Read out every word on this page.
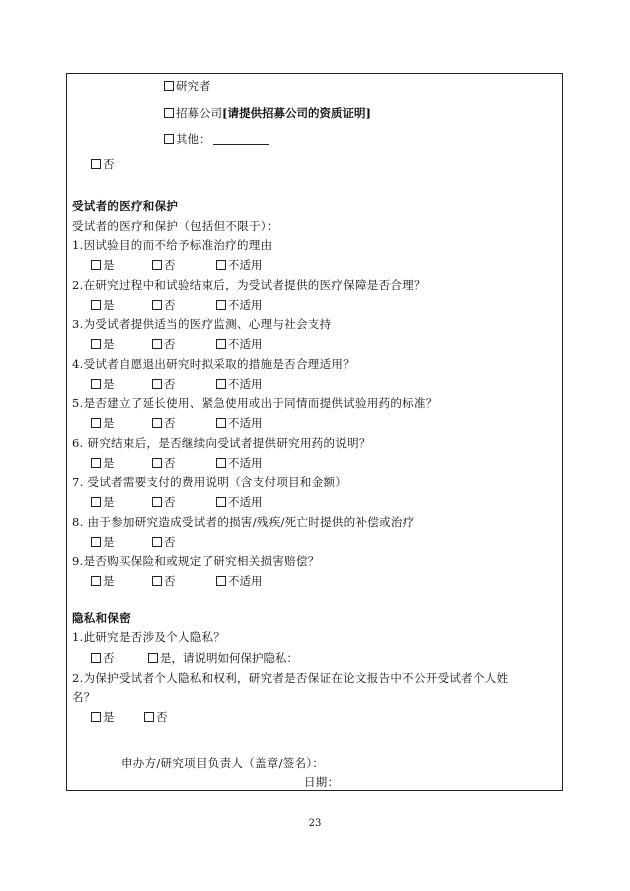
研究者
招募公司[请提供招募公司的资质证明]
其他：
否
受试者的医疗和保护
受试者的医疗和保护（包括但不限于）：
1.因试验目的而不给予标准治疗的理由
是	否	不适用
2.在研究过程中和试验结束后，为受试者提供的医疗保障是否合理？
是	否	不适用
3.为受试者提供适当的医疗监测、心理与社会支持
是	否	不适用
4.受试者自愿退出研究时拟采取的措施是否合理适用？
是	否	不适用
5.是否建立了延长使用、紧急使用或出于同情而提供试验用药的标准？
是	否	不适用
6. 研究结束后，是否继续向受试者提供研究用药的说明？
是	否	不适用
7. 受试者需要支付的费用说明（含支付项目和金额）
是	否	不适用
8. 由于参加研究造成受试者的损害/残疾/死亡时提供的补偿或治疗
是	否
9.是否购买保险和或规定了研究相关损害赔偿？
是	否	不适用
隐私和保密
1.此研究是否涉及个人隐私？
否	是，请说明如何保护隐私：
2.为保护受试者个人隐私和权利，研究者是否保证在论文报告中不公开受试者个人姓
名？
是	否
申办方/研究项目负责人（盖章/签名）：
日期：
23
